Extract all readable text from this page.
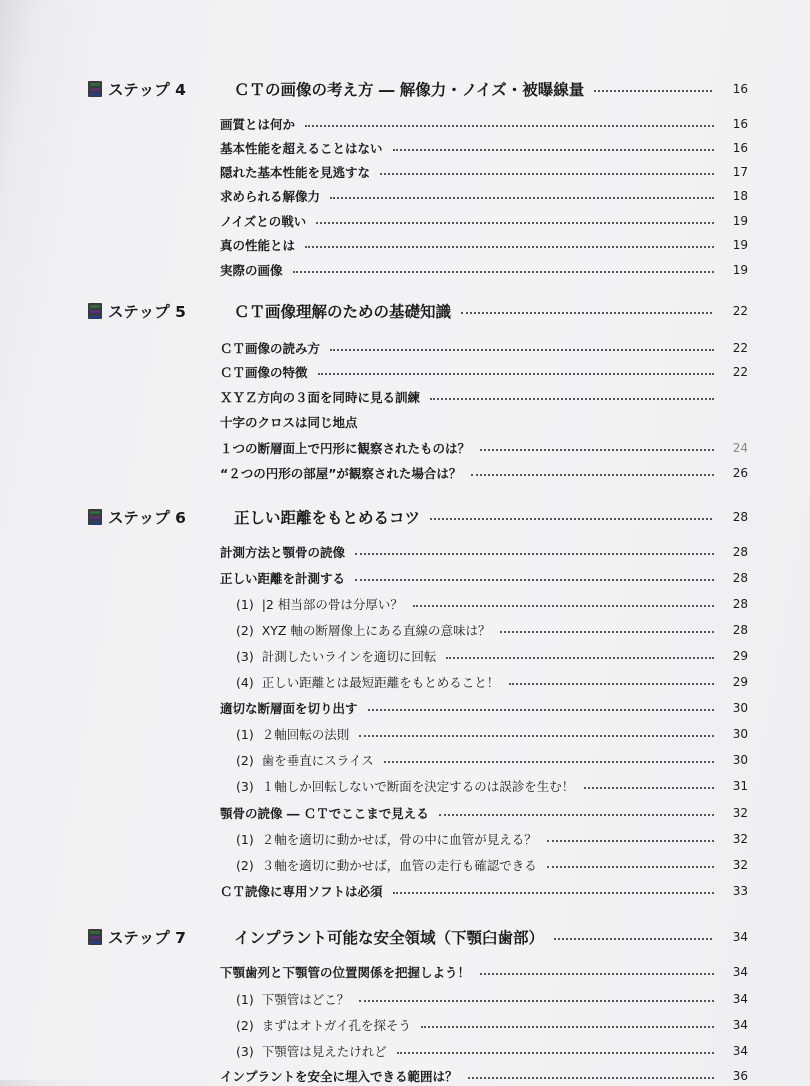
ステップ 4	ＣＴの画像の考え方 ― 解像力・ノイズ・被曝線量	16
画質とは何か	16
基本性能を超えることはない	16
隠れた基本性能を見逃すな	17
求められる解像力	18
ノイズとの戦い	19
真の性能とは	19
実際の画像	19
ステップ 5	ＣＴ画像理解のための基礎知識	22
ＣＴ画像の読み方	22
ＣＴ画像の特徴	22
ＸＹＺ方向の３面を同時に見る訓練
十字のクロスは同じ地点
１つの断層面上で円形に観察されたものは？	24
“２つの円形の部屋”が観察された場合は？	26
ステップ 6	正しい距離をもとめるコツ	28
計測方法と顎骨の読像	28
正しい距離を計測する	28
(1) |2 相当部の骨は分厚い？	28
(2) XYZ 軸の断層像上にある直線の意味は？	28
(3) 計測したいラインを適切に回転	29
(4) 正しい距離とは最短距離をもとめること！	29
適切な断層面を切り出す	30
(1) ２軸回転の法則	30
(2) 歯を垂直にスライス	30
(3) １軸しか回転しないで断面を決定するのは誤診を生む！	31
顎骨の読像 ― ＣＴでここまで見える	32
(1) ２軸を適切に動かせば，骨の中に血管が見える？	32
(2) ３軸を適切に動かせば，血管の走行も確認できる	32
ＣＴ読像に専用ソフトは必須	33
ステップ 7	インプラント可能な安全領域（下顎臼歯部）	34
下顎歯列と下顎管の位置関係を把握しよう！	34
(1) 下顎管はどこ？	34
(2) まずはオトガイ孔を探そう	34
(3) 下顎管は見えたけれど	34
インプラントを安全に埋入できる範囲は？	36
